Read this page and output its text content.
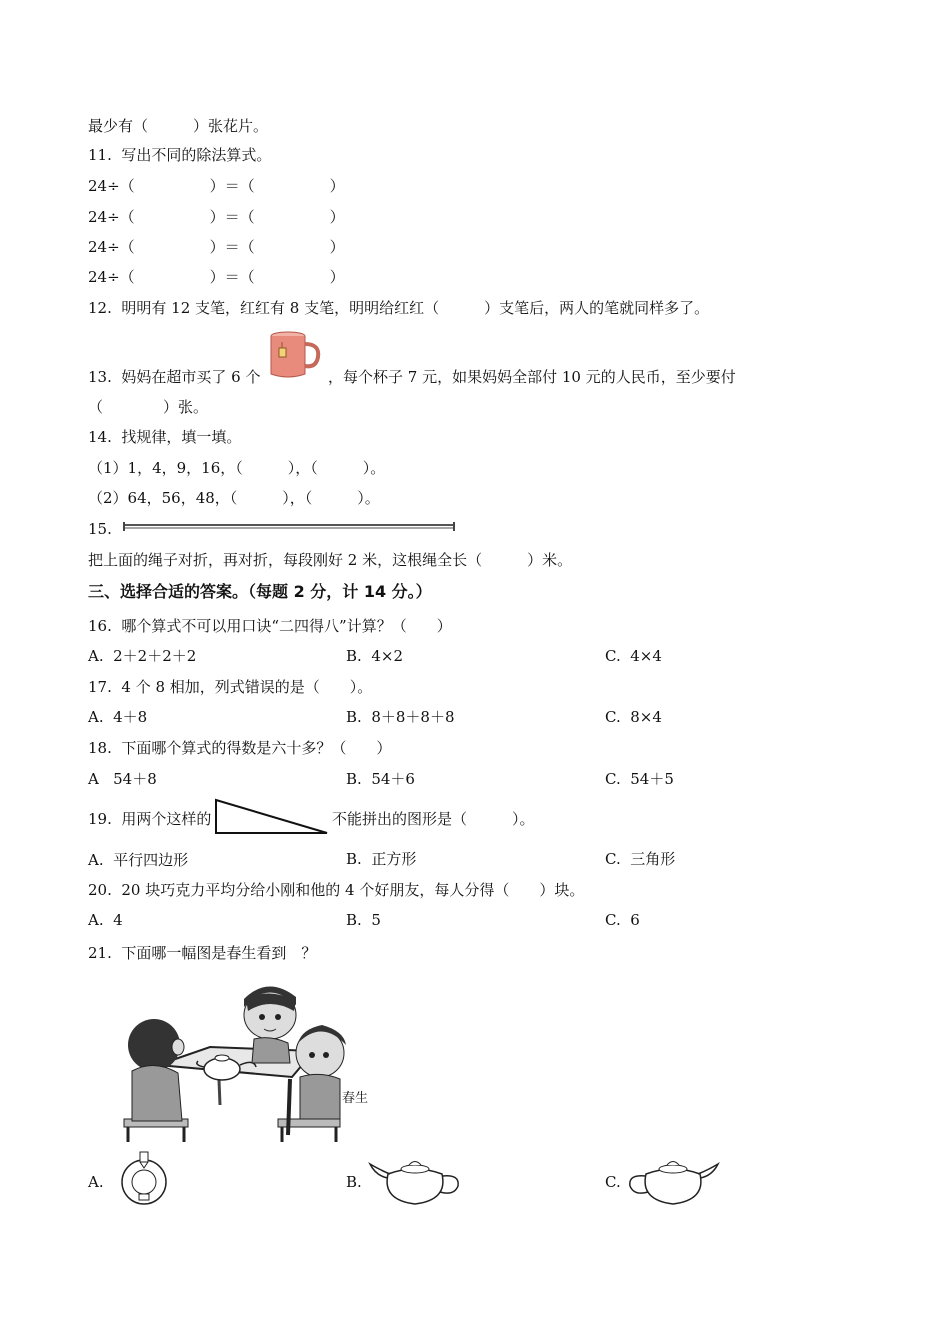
最少有（　　　）张花片。
11.  写出不同的除法算式。
24÷（　　　　　）＝（　　　　　）
24÷（　　　　　）＝（　　　　　）
24÷（　　　　　）＝（　　　　　）
24÷（　　　　　）＝（　　　　　）
12.  明明有 12 支笔，红红有 8 支笔，明明给红红（　　　）支笔后，两人的笔就同样多了。
13.  妈妈在超市买了 6 个	，每个杯子 7 元，如果妈妈全部付 10 元的人民币，至少要付
（　　　　）张。
14.  找规律，填一填。
（1）1，4，9，16，（　　　），（　　　）。
（2）64，56，48，（　　　），（　　　）。
15.
把上面的绳子对折，再对折，每段刚好 2 米，这根绳全长（　　　）米。
三、选择合适的答案。（每题 2 分，计 14 分。）
16.  哪个算式不可以用口诀“二四得八”计算？（　　）
A.  2＋2＋2＋2	B.  4×2	C.  4×4
17.  4 个 8 相加，列式错误的是（　　）。
A.  4＋8	B.  8＋8＋8＋8	C.  8×4
18.  下面哪个算式的得数是六十多？（　　）
A   54＋8	B.  54＋6	C.  54＋5
19.  用两个这样的	不能拼出的图形是（　　　）。
A.  平行四边形	B.  正方形	C.  三角形
20.  20 块巧克力平均分给小刚和他的 4 个好朋友，每人分得（　　）块。
A.  4	B.  5	C.  6
21.  下面哪一幅图是春生看到　？
春生
A.	B.	C.
